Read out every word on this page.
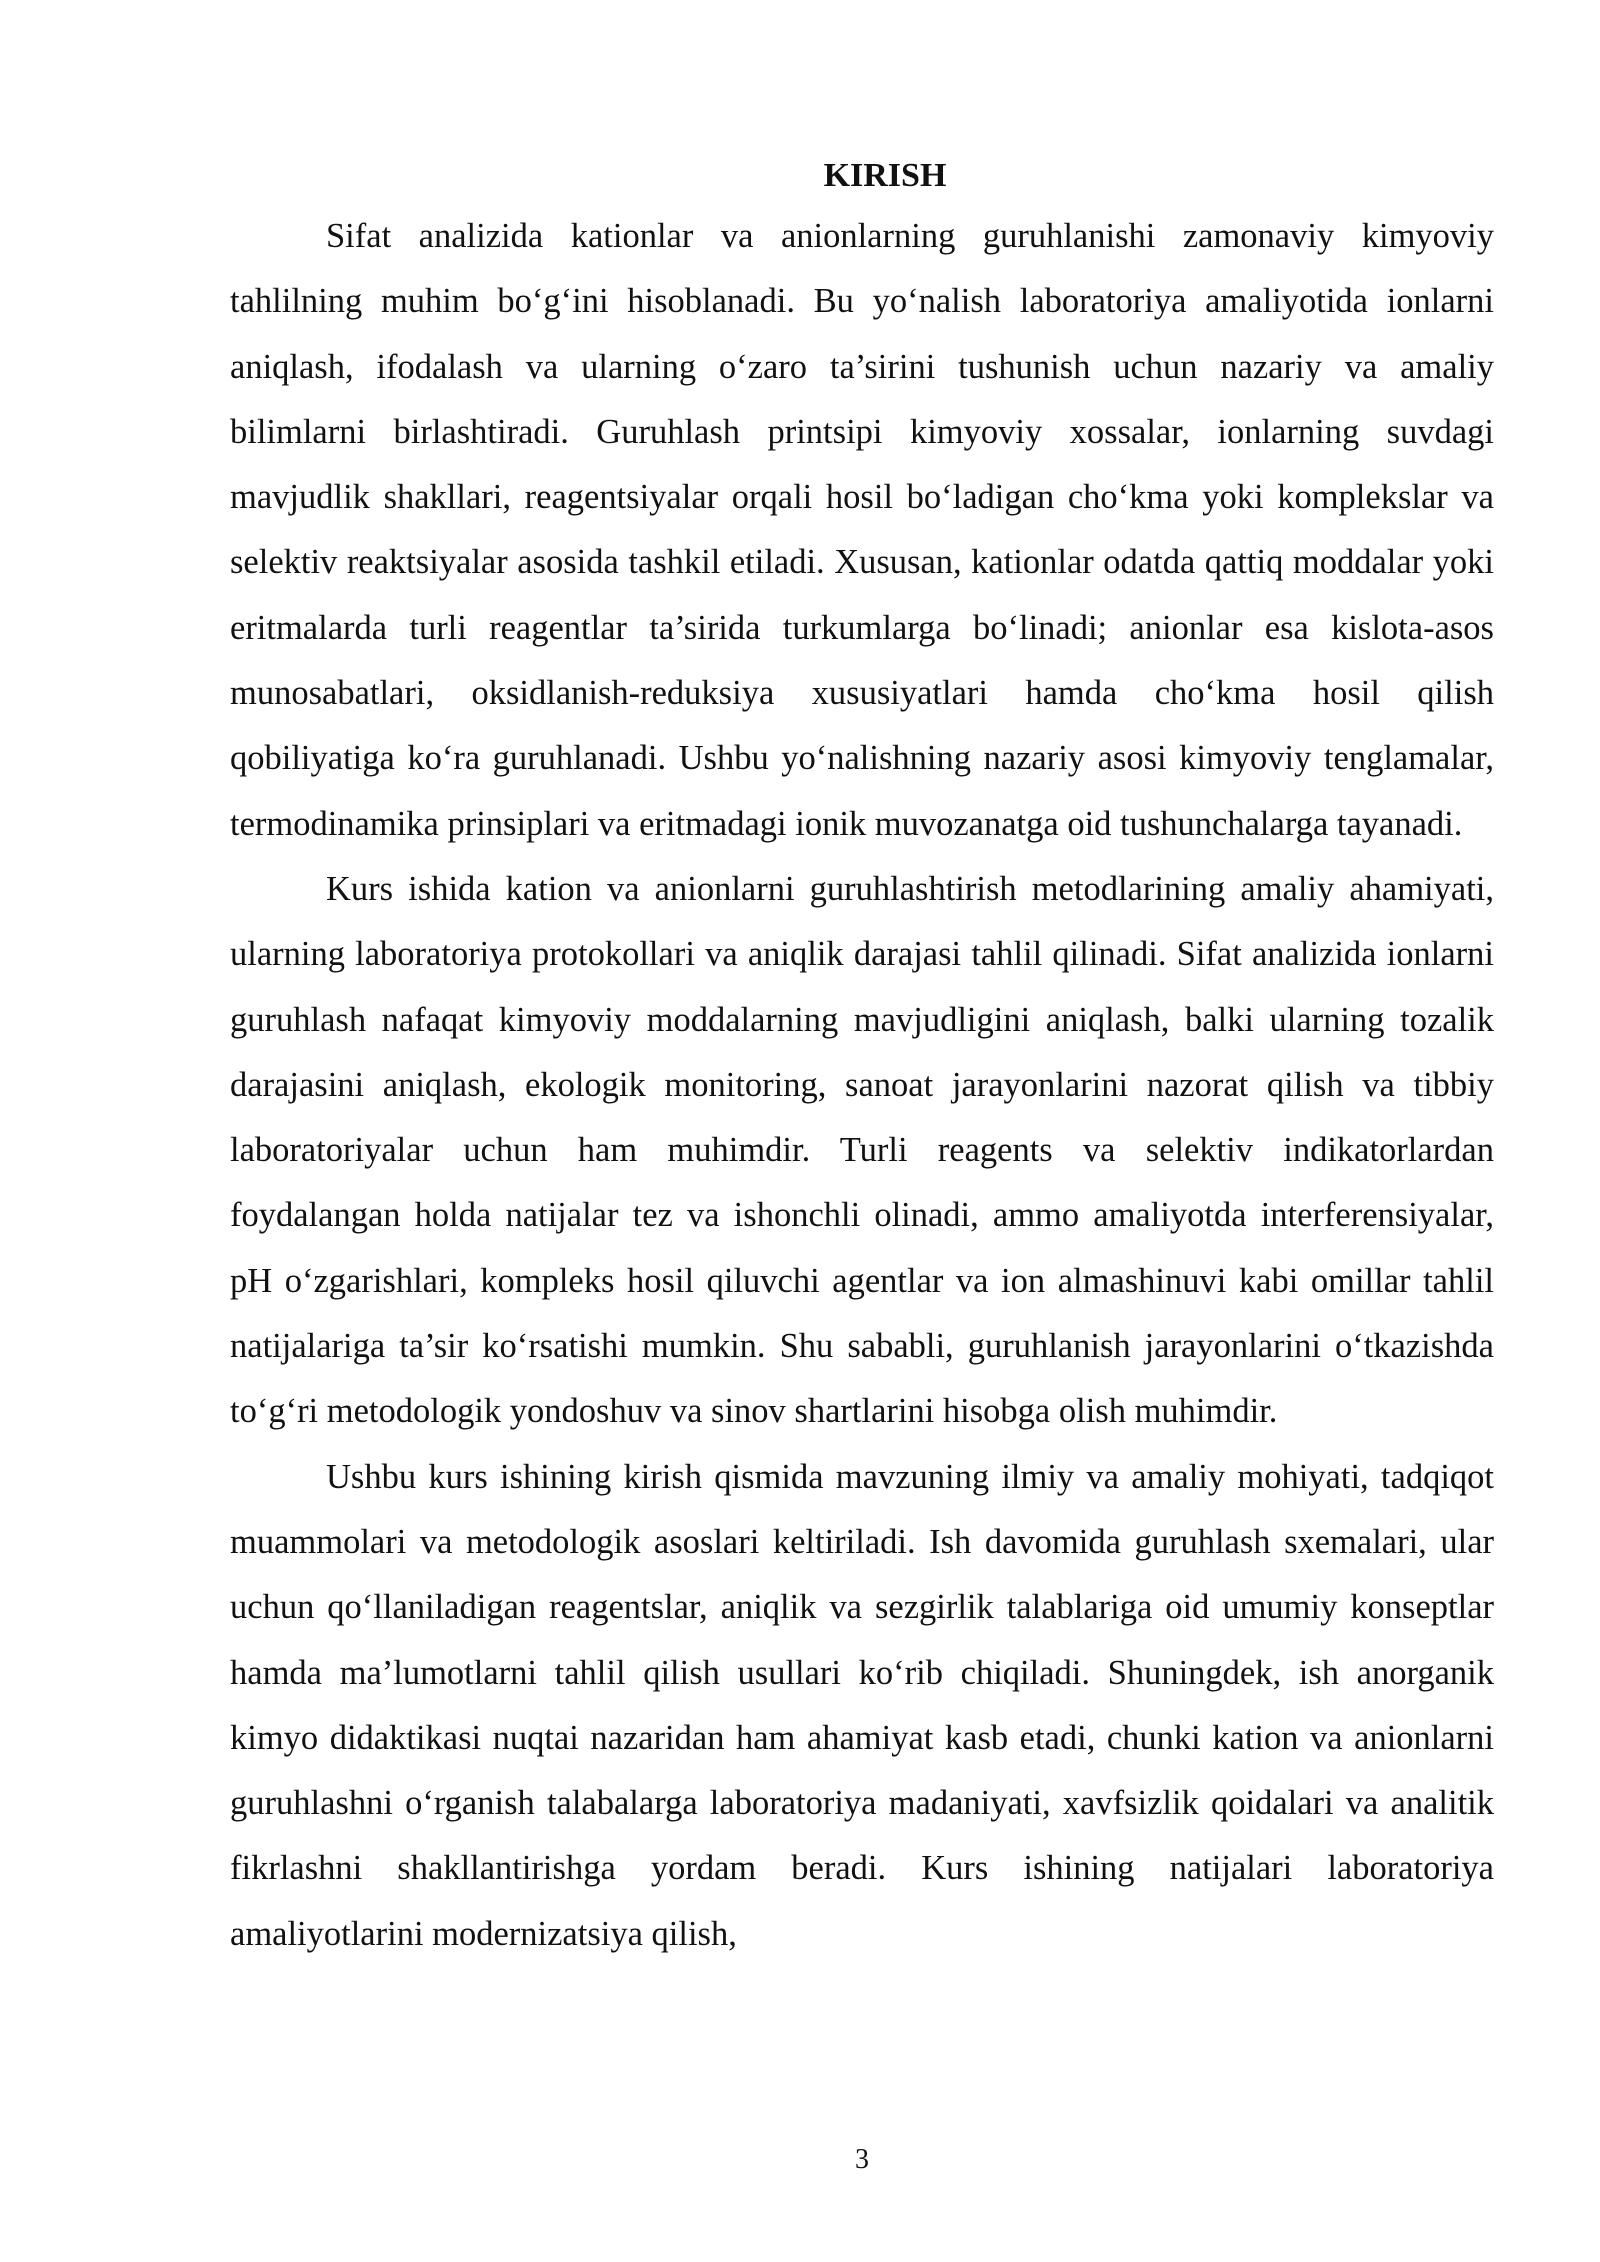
KIRISH

Sifat analizida kationlar va anionlarning guruhlanishi zamonaviy kimyoviy tahlilning muhim bo‘g‘ini hisoblanadi. Bu yo‘nalish laboratoriya amaliyotida ionlarni aniqlash, ifodalash va ularning o‘zaro ta’sirini tushunish uchun nazariy va amaliy bilimlarni birlashtiradi. Guruhlash printsipi kimyoviy xossalar, ionlarning suvdagi mavjudlik shakllari, reagentsiyalar orqali hosil bo‘ladigan cho‘kma yoki komplekslar va selektiv reaktsiyalar asosida tashkil etiladi. Xususan, kationlar odatda qattiq moddalar yoki eritmalarda turli reagentlar ta’sirida turkumlarga bo‘linadi; anionlar esa kislota-asos munosabatlari, oksidlanish-reduksiya xususiyatlari hamda cho‘kma hosil qilish qobiliyatiga ko‘ra guruhlanadi. Ushbu yo‘nalishning nazariy asosi kimyoviy tenglamalar, termodinamika prinsiplari va eritmadagi ionik muvozanatga oid tushunchalarga tayanadi.

Kurs ishida kation va anionlarni guruhlashtirish metodlarining amaliy ahamiyati, ularning laboratoriya protokollari va aniqlik darajasi tahlil qilinadi. Sifat analizida ionlarni guruhlash nafaqat kimyoviy moddalarning mavjudligini aniqlash, balki ularning tozalik darajasini aniqlash, ekologik monitoring, sanoat jarayonlarini nazorat qilish va tibbiy laboratoriyalar uchun ham muhimdir. Turli reagents va selektiv indikatorlardan foydalangan holda natijalar tez va ishonchli olinadi, ammo amaliyotda interferensiyalar, pH o‘zgarishlari, kompleks hosil qiluvchi agentlar va ion almashinuvi kabi omillar tahlil natijalariga ta’sir ko‘rsatishi mumkin. Shu sababli, guruhlanish jarayonlarini o‘tkazishda to‘g‘ri metodologik yondoshuv va sinov shartlarini hisobga olish muhimdir.

Ushbu kurs ishining kirish qismida mavzuning ilmiy va amaliy mohiyati, tadqiqot muammolari va metodologik asoslari keltiriladi. Ish davomida guruhlash sxemalari, ular uchun qo‘llaniladigan reagentslar, aniqlik va sezgirlik talablariga oid umumiy konseptlar hamda ma’lumotlarni tahlil qilish usullari ko‘rib chiqiladi. Shuningdek, ish anorganik kimyo didaktikasi nuqtai nazaridan ham ahamiyat kasb etadi, chunki kation va anionlarni guruhlashni o‘rganish talabalarga laboratoriya madaniyati, xavfsizlik qoidalari va analitik fikrlashni shakllantirishga yordam beradi. Kurs ishining natijalari laboratoriya amaliyotlarini modernizatsiya qilish,

3
